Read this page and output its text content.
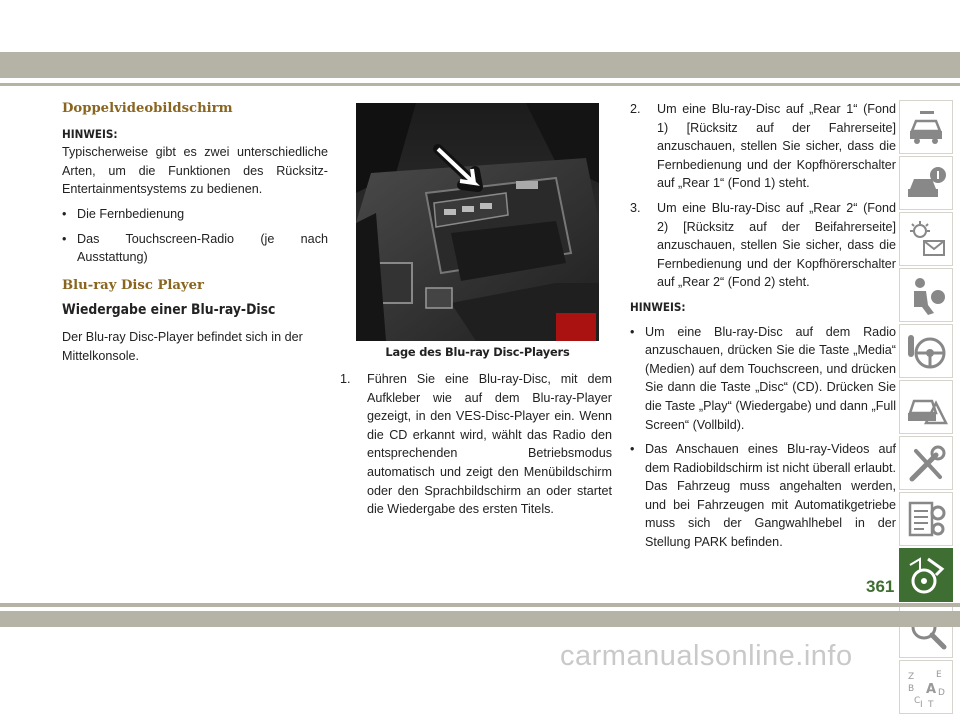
Doppelvideobildschirm
HINWEIS:

Typischerweise gibt es zwei unterschiedliche Arten, um die Funktionen des Rücksitz-Entertainmentsystems zu bedienen.

• Die Fernbedienung
• Das Touchscreen-Radio (je nach Ausstattung)
Blu-ray Disc Player
Wiedergabe einer Blu-ray-Disc

Der Blu-ray Disc-Player befindet sich in der Mittelkonsole.	Lage des Blu-ray Disc-Players
1. Führen Sie eine Blu-ray-Disc, mit dem Aufkleber wie auf dem Blu-ray-Player gezeigt, in den VES-Disc-Player ein. Wenn die CD erkannt wird, wählt das Radio den entsprechenden Betriebsmodus automatisch und zeigt den Menübildschirm oder den Sprachbildschirm an oder startet die Wiedergabe des ersten Titels.
2. Um eine Blu-ray-Disc auf „Rear 1“ (Fond 1) [Rücksitz auf der Fahrerseite] anzuschauen, stellen Sie sicher, dass die Fernbedienung und der Kopfhörerschalter auf „Rear 1“ (Fond 1) steht.
3. Um eine Blu-ray-Disc auf „Rear 2“ (Fond 2) [Rücksitz auf der Beifahrerseite] anzuschauen, stellen Sie sicher, dass die Fernbedienung und der Kopfhörerschalter auf „Rear 2“ (Fond 2) steht.
HINWEIS:
• Um eine Blu-ray-Disc auf dem Radio anzuschauen, drücken Sie die Taste „Media“ (Medien) auf dem Touchscreen, und drücken Sie dann die Taste „Disc“ (CD). Drücken Sie die Taste „Play“ (Wiedergabe) und dann „Full Screen“ (Vollbild).
• Das Anschauen eines Blu-ray-Videos auf dem Radiobildschirm ist nicht überall erlaubt. Das Fahrzeug muss angehalten werden, und bei Fahrzeugen mit Automatikgetriebe muss sich der Gangwahlhebel in der Stellung PARK befinden.
Z E
B A
C
D
I T
361
carmanualsonline.info
